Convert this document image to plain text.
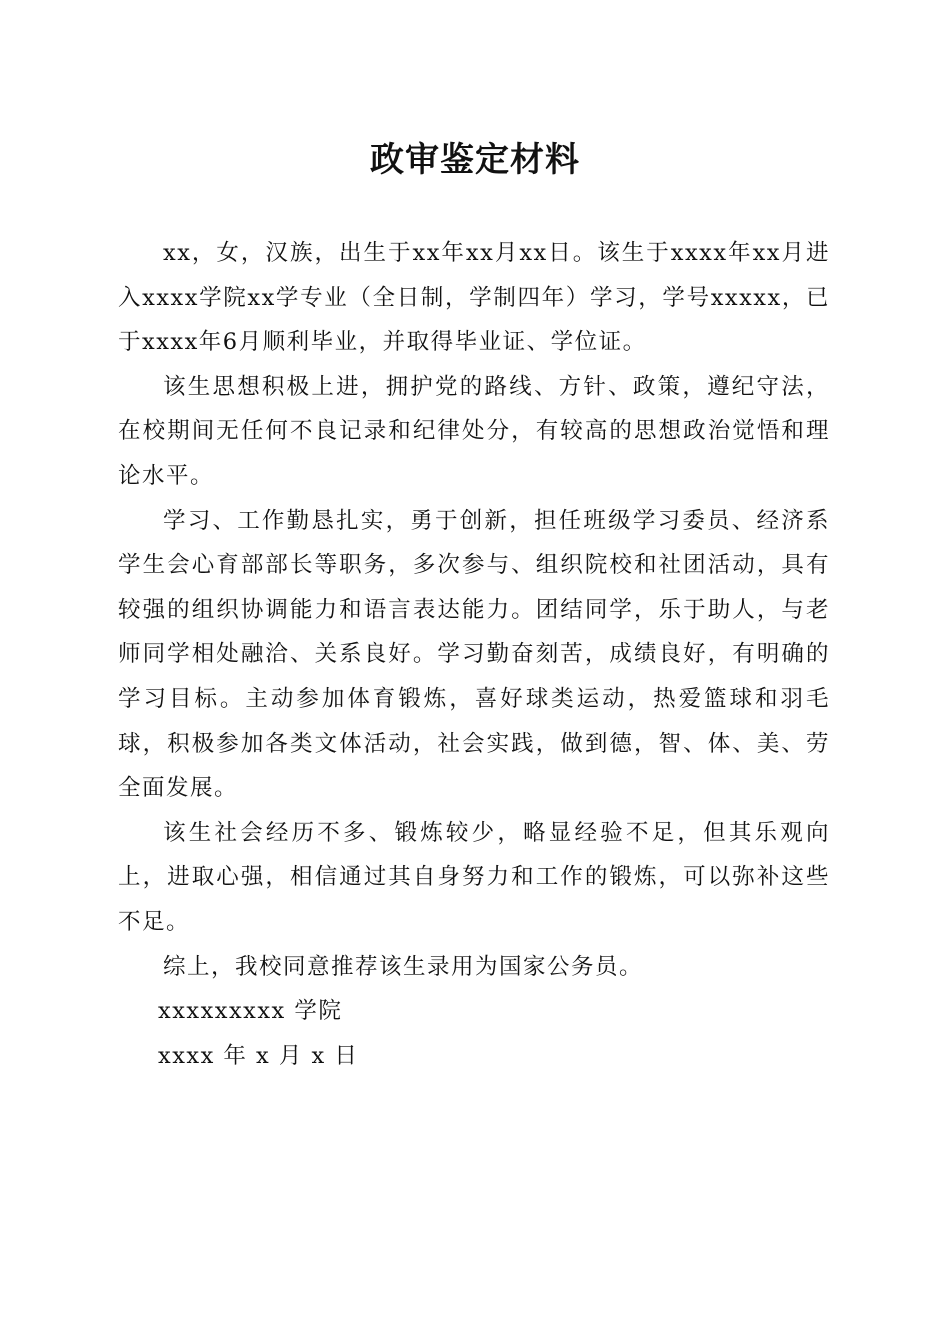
政审鉴定材料

xx，女，汉族，出生于xx年xx月xx日。该生于xxxx年xx月进入xxxx学院xx学专业（全日制，学制四年）学习，学号xxxxx，已于xxxx年6月顺利毕业，并取得毕业证、学位证。

该生思想积极上进，拥护党的路线、方针、政策，遵纪守法，在校期间无任何不良记录和纪律处分，有较高的思想政治觉悟和理论水平。

学习、工作勤恳扎实，勇于创新，担任班级学习委员、经济系学生会心育部部长等职务，多次参与、组织院校和社团活动，具有较强的组织协调能力和语言表达能力。团结同学，乐于助人，与老师同学相处融洽、关系良好。学习勤奋刻苦，成绩良好，有明确的学习目标。主动参加体育锻炼，喜好球类运动，热爱篮球和羽毛球，积极参加各类文体活动，社会实践，做到德，智、体、美、劳全面发展。

该生社会经历不多、锻炼较少，略显经验不足，但其乐观向上，进取心强，相信通过其自身努力和工作的锻炼，可以弥补这些不足。

综上，我校同意推荐该生录用为国家公务员。

xxxxxxxxx 学院

xxxx 年 x 月 x 日
